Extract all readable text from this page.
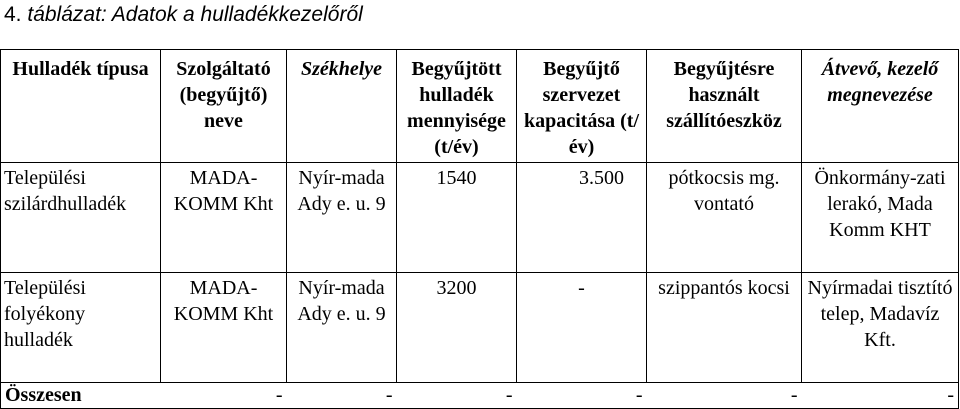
4. táblázat: Adatok a hulladékkezelőről
Hulladék típusa	Szolgáltató (begyűjtő) neve	Székhelye	Begyűjtött hulladék mennyisége (t/év)	Begyűjtő szervezet kapacitása (t/év)	Begyűjtésre használt szállítóeszköz	Átvevő, kezelő megnevezése
Települési szilárdhulladék	MADA-KOMM Kht	Nyír-mada Ady e. u. 9	1540	3.500	pótkocsis mg. vontató	Önkormány-zati lerakó, Mada Komm KHT
Települési folyékony hulladék	MADA-KOMM Kht	Nyír-mada Ady e. u. 9	3200	-	szippantós kocsi	Nyírmadai tisztító telep, Madavíz Kft.
Összesen	-	-	-	-	-	-
